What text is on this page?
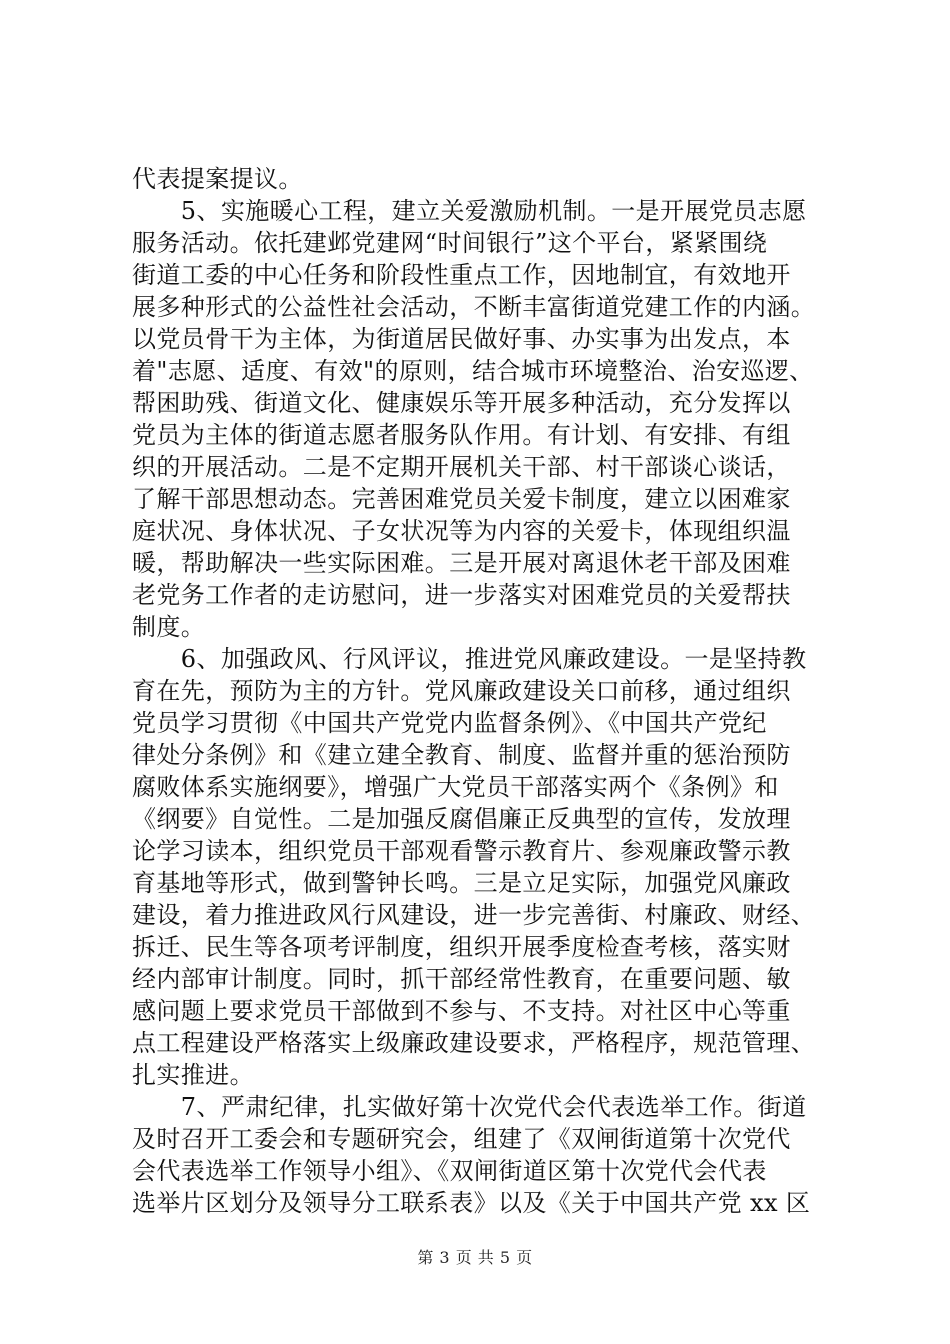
代表提案提议。
　　5、实施暖心工程，建立关爱激励机制。一是开展党员志愿
服务活动。依托建邺党建网“时间银行”这个平台，紧紧围绕
街道工委的中心任务和阶段性重点工作，因地制宜，有效地开
展多种形式的公益性社会活动，不断丰富街道党建工作的内涵。
以党员骨干为主体，为街道居民做好事、办实事为出发点，本
着"志愿、适度、有效"的原则，结合城市环境整治、治安巡逻、
帮困助残、街道文化、健康娱乐等开展多种活动，充分发挥以
党员为主体的街道志愿者服务队作用。有计划、有安排、有组
织的开展活动。二是不定期开展机关干部、村干部谈心谈话，
了解干部思想动态。完善困难党员关爱卡制度，建立以困难家
庭状况、身体状况、子女状况等为内容的关爱卡，体现组织温
暖，帮助解决一些实际困难。三是开展对离退休老干部及困难
老党务工作者的走访慰问，进一步落实对困难党员的关爱帮扶
制度。
　　6、加强政风、行风评议，推进党风廉政建设。一是坚持教
育在先，预防为主的方针。党风廉政建设关口前移，通过组织
党员学习贯彻《中国共产党党内监督条例》、《中国共产党纪
律处分条例》和《建立建全教育、制度、监督并重的惩治预防
腐败体系实施纲要》，增强广大党员干部落实两个《条例》和
《纲要》自觉性。二是加强反腐倡廉正反典型的宣传，发放理
论学习读本，组织党员干部观看警示教育片、参观廉政警示教
育基地等形式，做到警钟长鸣。三是立足实际，加强党风廉政
建设，着力推进政风行风建设，进一步完善街、村廉政、财经、
拆迁、民生等各项考评制度，组织开展季度检查考核，落实财
经内部审计制度。同时，抓干部经常性教育，在重要问题、敏
感问题上要求党员干部做到不参与、不支持。对社区中心等重
点工程建设严格落实上级廉政建设要求，严格程序，规范管理、
扎实推进。
　　7、严肃纪律，扎实做好第十次党代会代表选举工作。街道
及时召开工委会和专题研究会，组建了《双闸街道第十次党代
会代表选举工作领导小组》、《双闸街道区第十次党代会代表
选举片区划分及领导分工联系表》以及《关于中国共产党 xx 区
第 3 页 共 5 页
